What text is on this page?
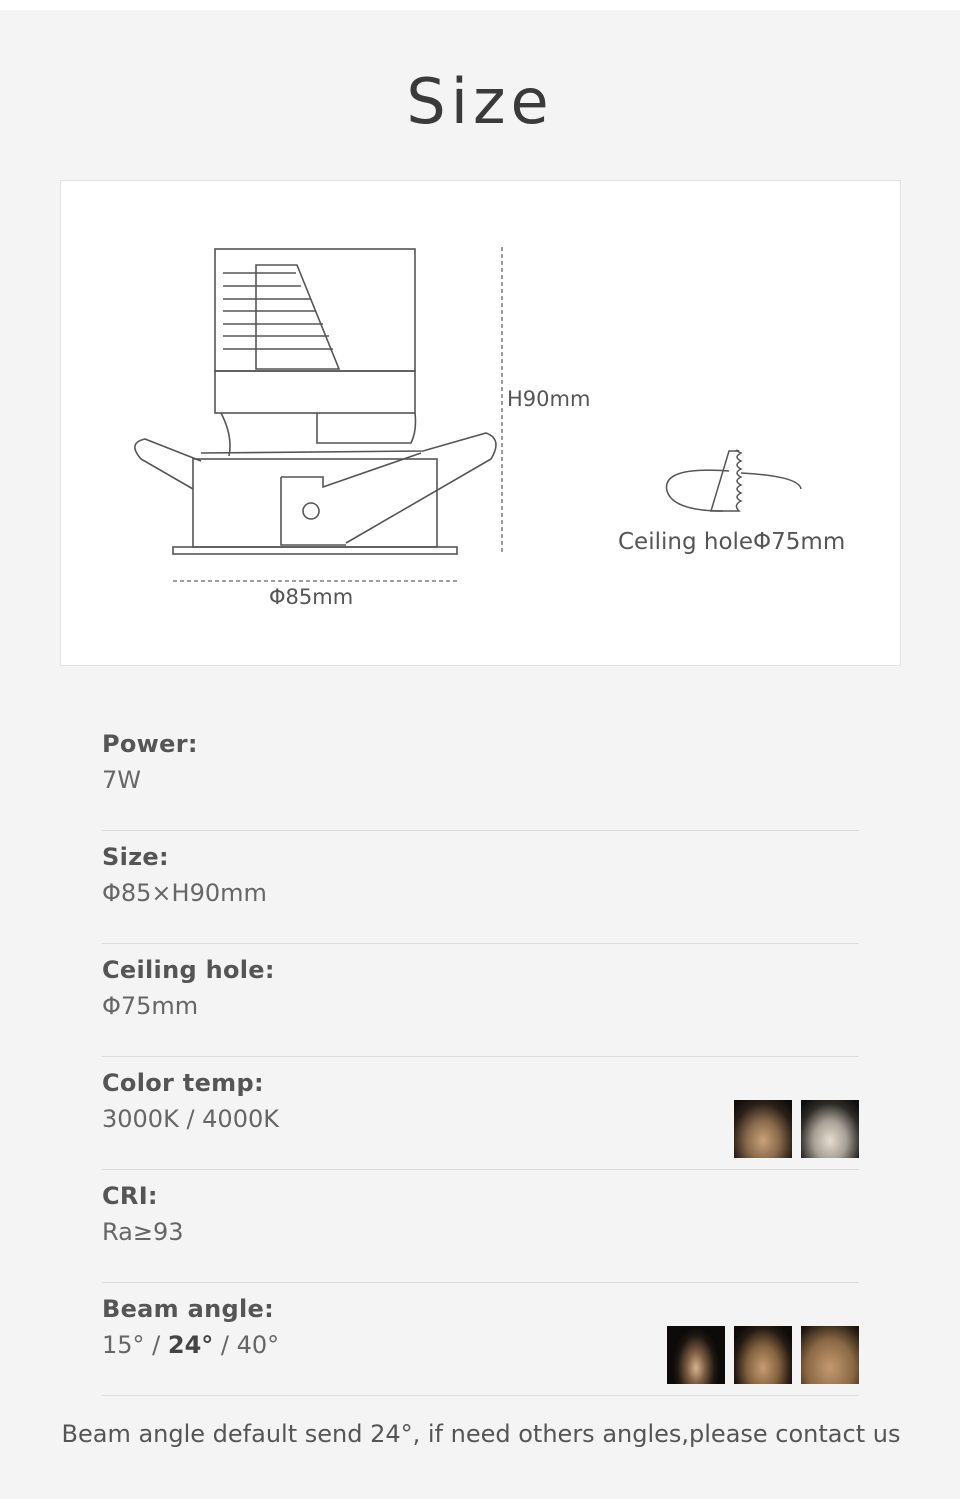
Size
H90mm
Φ85mm
Ceiling holeΦ75mm
Power:
7W
Size:
Φ85×H90mm
Ceiling hole:
Φ75mm
Color temp:
3000K / 4000K
CRI:
Ra≥93
Beam angle:
15° / 24° / 40°
Beam angle default send 24°, if need others angles,please contact us
